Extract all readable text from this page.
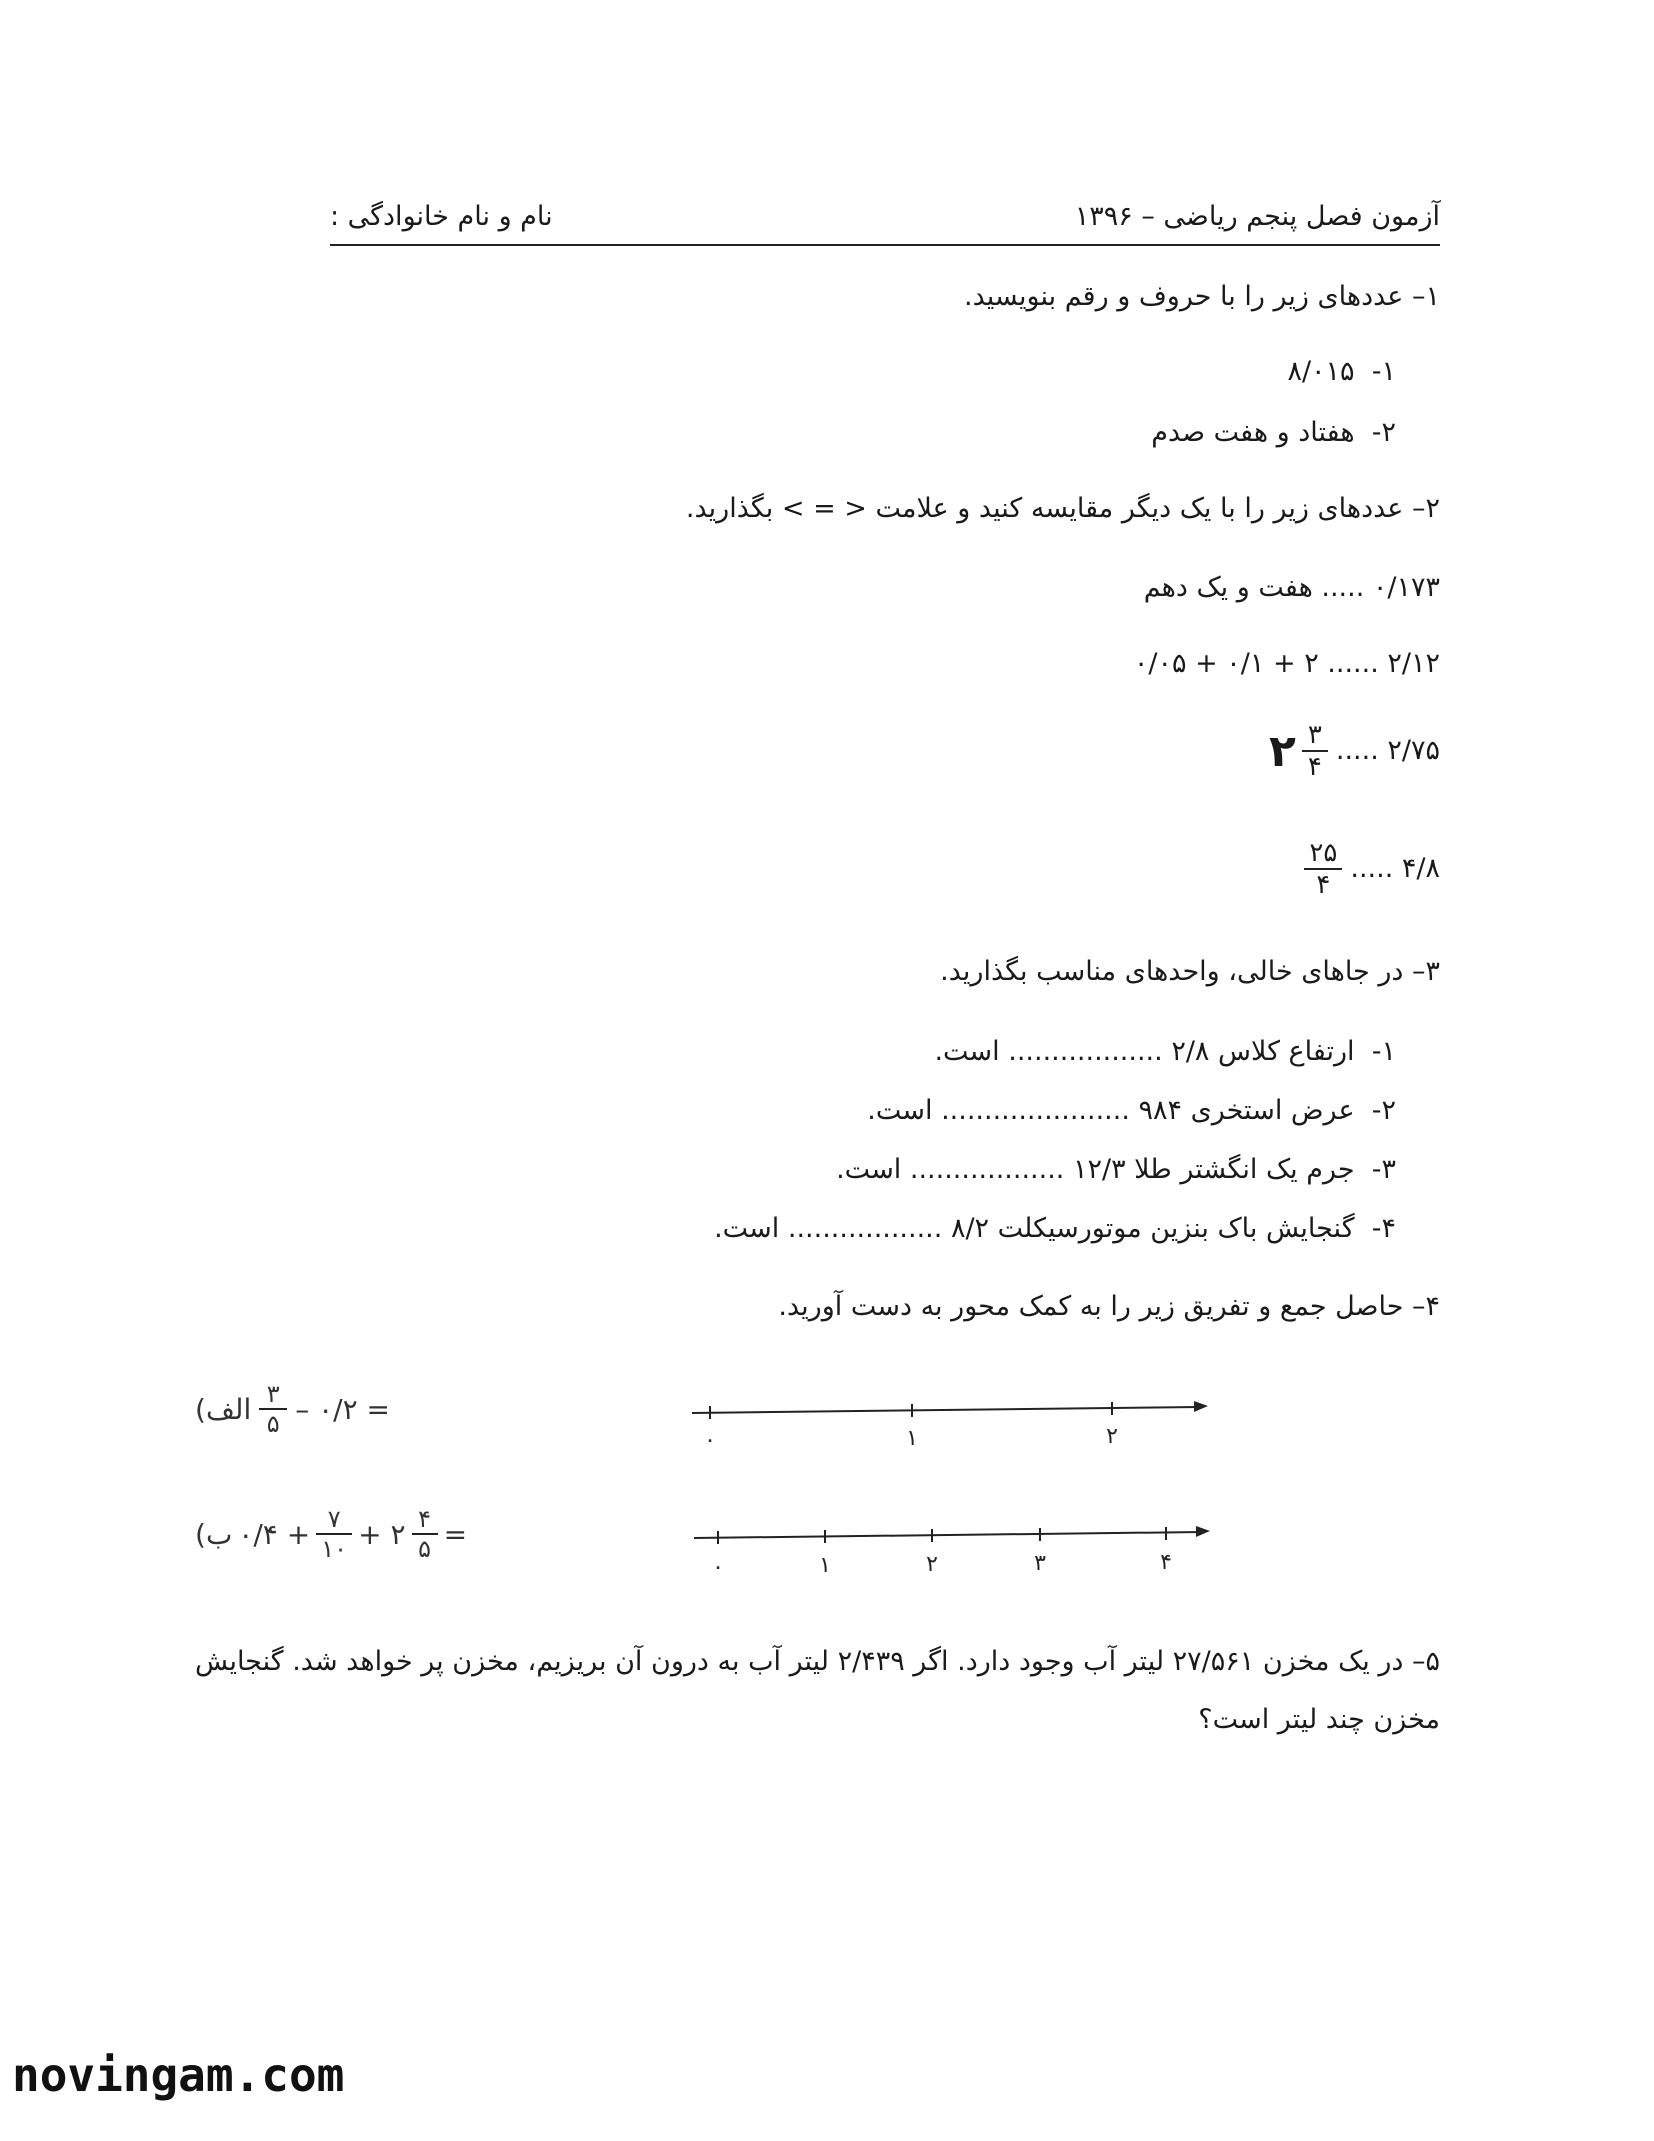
آزمون فصل پنجم ریاضی – ۱۳۹۶
نام و نام خانوادگی :
۱– عددهای زیر را با حروف و رقم بنویسید.
۱-  ۸/۰۱۵
۲-  هفتاد و هفت صدم
۲– عددهای زیر را با یک دیگر مقایسه کنید و علامت < = > بگذارید.
۰/۱۷۳ ..... هفت و یک دهم
۲/۱۲ ...... ۲ + ۰/۱ + ۰/۰۵
۲/۷۵ .....
۲ $\frac{۳}{۴}$
۴/۸ .....
$\frac{۲۵}{۴}$
۳– در جاهای خالی، واحدهای مناسب بگذارید.
۱-  ارتفاع کلاس ۲/۸ .................. است.
۲-  عرض استخری ۹۸۴ ...................... است.
۳-  جرم یک انگشتر طلا ۱۲/۳ .................. است.
۴-  گنجایش باک بنزین موتورسیکلت ۸/۲ .................. است.
۴– حاصل جمع و تفریق زیر را به کمک محور به دست آورید.
(الف $\frac{۳}{۵}$ – ۰/۲ =
(ب ۰/۴ + $\frac{۷}{۱۰}$ + ۲ $\frac{۴}{۵}$ =
۰	۱	۲
۰	۱	۲	۳	۴
۵– در یک مخزن ۲۷/۵۶۱ لیتر آب وجود دارد. اگر ۲/۴۳۹ لیتر آب به درون آن بریزیم، مخزن پر خواهد شد. گنجایش
مخزن چند لیتر است؟
novingam.com
